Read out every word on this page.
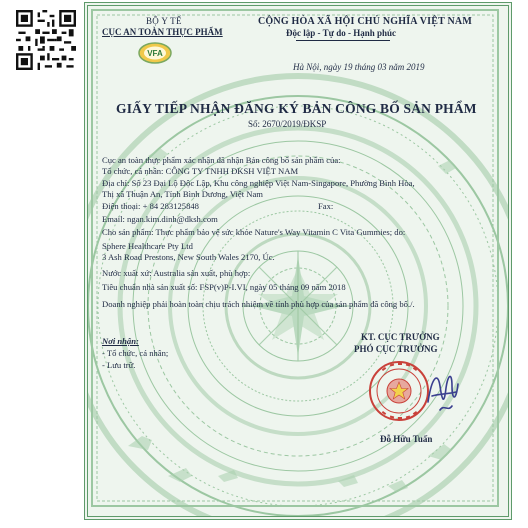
BỘ Y TẾ
CỤC AN TOÀN THỰC PHẨM
VFA
CỘNG HÒA XÃ HỘI CHỦ NGHĨA VIỆT NAM
Độc lập - Tự do - Hạnh phúc
Hà Nội, ngày 19 tháng 03 năm 2019
GIẤY TIẾP NHẬN ĐĂNG KÝ BẢN CÔNG BỐ SẢN PHẨM
Số: 2670/2019/ĐKSP
Cục an toàn thực phẩm xác nhận đã nhận Bản công bố sản phẩm của:
Tổ chức, cá nhân: CÔNG TY TNHH DKSH VIỆT NAM
Địa chỉ: Số 23 Đại Lộ Độc Lập, Khu công nghiệp Việt Nam-Singapore, Phường Bình Hòa,
Thị xã Thuận An, Tỉnh Bình Dương, Việt Nam
Điện thoại: + 84 283125848	Fax:
Email: ngan.kim.dinh@dksh.com
Cho sản phẩm: Thực phẩm bảo vệ sức khỏe Nature's Way Vitamin C Vita Gummies; do:
Sphere Healthcare Pty Ltd
3 Ash Road Prestons, New South Wales 2170, Úc.
Nước xuất xứ: Australia sản xuất, phù hợp:
Tiêu chuẩn nhà sản xuất số: FSP(v)P-I.VI, ngày 05 tháng 09 năm 2018
Doanh nghiệp phải hoàn toàn chịu trách nhiệm về tính phù hợp của sản phẩm đã công bố./.
Nơi nhận:
- Tổ chức, cá nhân;
- Lưu trữ.
KT. CỤC TRƯỞNG
PHÓ CỤC TRƯỞNG
Đỗ Hữu Tuấn
